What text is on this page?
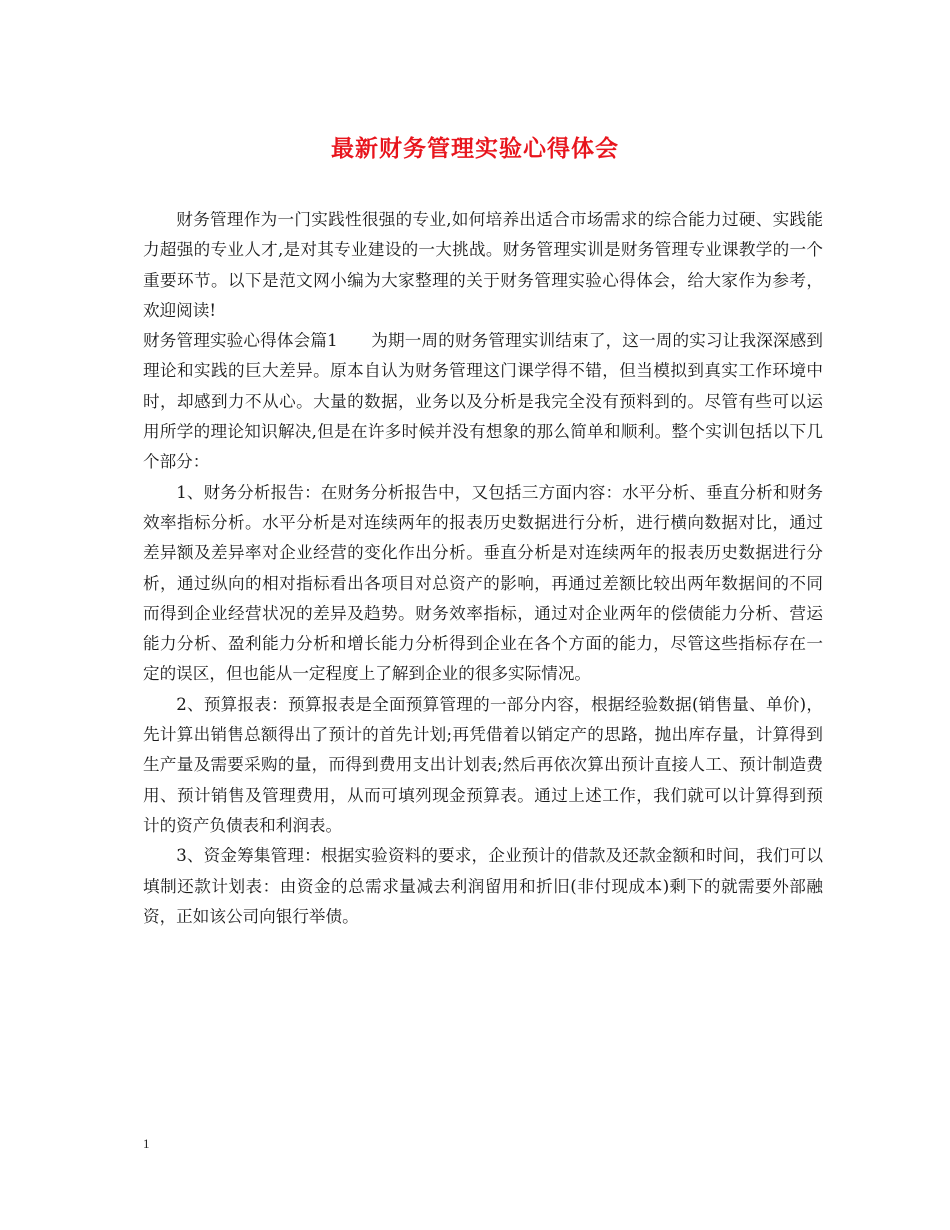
最新财务管理实验心得体会

财务管理作为一门实践性很强的专业,如何培养出适合市场需求的综合能力过硬、实践能力超强的专业人才,是对其专业建设的一大挑战。财务管理实训是财务管理专业课教学的一个重要环节。以下是范文网小编为大家整理的关于财务管理实验心得体会，给大家作为参考，欢迎阅读!

财务管理实验心得体会篇1　　为期一周的财务管理实训结束了，这一周的实习让我深深感到理论和实践的巨大差异。原本自认为财务管理这门课学得不错，但当模拟到真实工作环境中时，却感到力不从心。大量的数据，业务以及分析是我完全没有预料到的。尽管有些可以运用所学的理论知识解决,但是在许多时候并没有想象的那么简单和顺利。整个实训包括以下几个部分：

1、财务分析报告：在财务分析报告中，又包括三方面内容：水平分析、垂直分析和财务效率指标分析。水平分析是对连续两年的报表历史数据进行分析，进行横向数据对比，通过差异额及差异率对企业经营的变化作出分析。垂直分析是对连续两年的报表历史数据进行分析，通过纵向的相对指标看出各项目对总资产的影响，再通过差额比较出两年数据间的不同而得到企业经营状况的差异及趋势。财务效率指标，通过对企业两年的偿债能力分析、营运能力分析、盈利能力分析和增长能力分析得到企业在各个方面的能力，尽管这些指标存在一定的误区，但也能从一定程度上了解到企业的很多实际情况。

2、预算报表：预算报表是全面预算管理的一部分内容，根据经验数据(销售量、单价)，先计算出销售总额得出了预计的首先计划;再凭借着以销定产的思路，抛出库存量，计算得到生产量及需要采购的量，而得到费用支出计划表;然后再依次算出预计直接人工、预计制造费用、预计销售及管理费用，从而可填列现金预算表。通过上述工作，我们就可以计算得到预计的资产负债表和利润表。

3、资金筹集管理：根据实验资料的要求，企业预计的借款及还款金额和时间，我们可以填制还款计划表：由资金的总需求量减去利润留用和折旧(非付现成本)剩下的就需要外部融资，正如该公司向银行举债。

1
